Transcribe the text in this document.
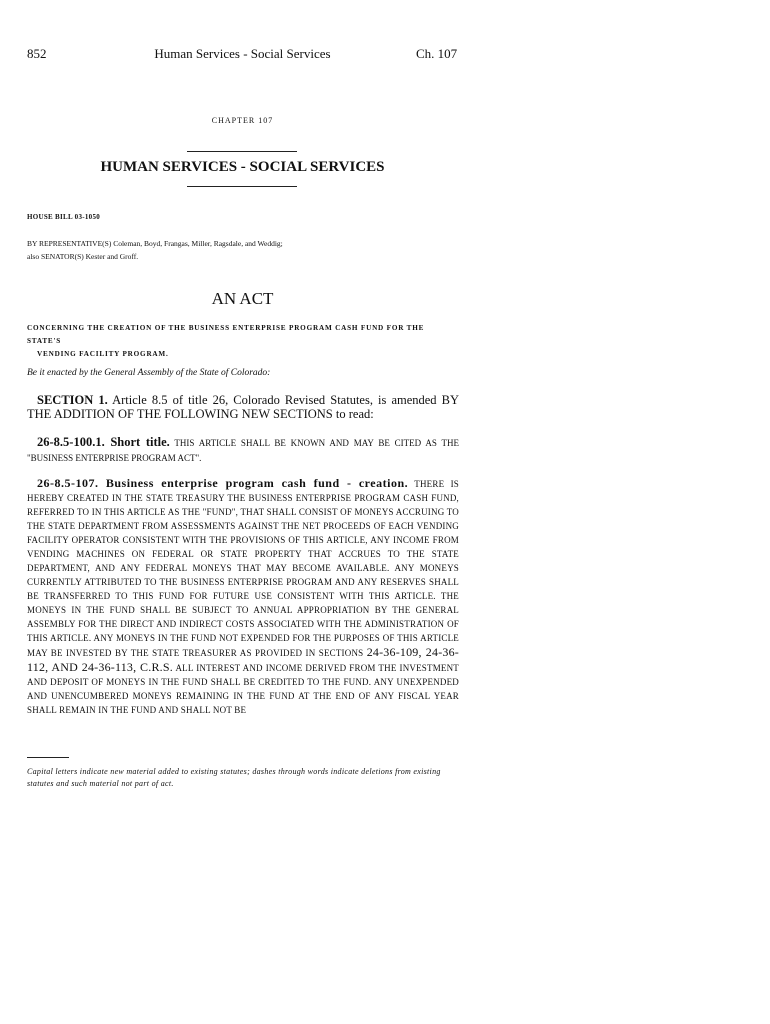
852	Human Services - Social Services	Ch. 107
CHAPTER 107
HUMAN SERVICES - SOCIAL SERVICES
HOUSE BILL 03-1050
BY REPRESENTATIVE(S) Coleman, Boyd, Frangas, Miller, Ragsdale, and Weddig;
also SENATOR(S) Kester and Groff.
AN ACT
CONCERNING THE CREATION OF THE BUSINESS ENTERPRISE PROGRAM CASH FUND FOR THE STATE'S
VENDING FACILITY PROGRAM.
Be it enacted by the General Assembly of the State of Colorado:
SECTION 1. Article 8.5 of title 26, Colorado Revised Statutes, is amended BY THE ADDITION OF THE FOLLOWING NEW SECTIONS to read:
26-8.5-100.1. Short title. THIS ARTICLE SHALL BE KNOWN AND MAY BE CITED AS THE "BUSINESS ENTERPRISE PROGRAM ACT".
26-8.5-107. Business enterprise program cash fund - creation. THERE IS HEREBY CREATED IN THE STATE TREASURY THE BUSINESS ENTERPRISE PROGRAM CASH FUND, REFERRED TO IN THIS ARTICLE AS THE "FUND", THAT SHALL CONSIST OF MONEYS ACCRUING TO THE STATE DEPARTMENT FROM ASSESSMENTS AGAINST THE NET PROCEEDS OF EACH VENDING FACILITY OPERATOR CONSISTENT WITH THE PROVISIONS OF THIS ARTICLE, ANY INCOME FROM VENDING MACHINES ON FEDERAL OR STATE PROPERTY THAT ACCRUES TO THE STATE DEPARTMENT, AND ANY FEDERAL MONEYS THAT MAY BECOME AVAILABLE. ANY MONEYS CURRENTLY ATTRIBUTED TO THE BUSINESS ENTERPRISE PROGRAM AND ANY RESERVES SHALL BE TRANSFERRED TO THIS FUND FOR FUTURE USE CONSISTENT WITH THIS ARTICLE. THE MONEYS IN THE FUND SHALL BE SUBJECT TO ANNUAL APPROPRIATION BY THE GENERAL ASSEMBLY FOR THE DIRECT AND INDIRECT COSTS ASSOCIATED WITH THE ADMINISTRATION OF THIS ARTICLE. ANY MONEYS IN THE FUND NOT EXPENDED FOR THE PURPOSES OF THIS ARTICLE MAY BE INVESTED BY THE STATE TREASURER AS PROVIDED IN SECTIONS 24-36-109, 24-36-112, AND 24-36-113, C.R.S. ALL INTEREST AND INCOME DERIVED FROM THE INVESTMENT AND DEPOSIT OF MONEYS IN THE FUND SHALL BE CREDITED TO THE FUND. ANY UNEXPENDED AND UNENCUMBERED MONEYS REMAINING IN THE FUND AT THE END OF ANY FISCAL YEAR SHALL REMAIN IN THE FUND AND SHALL NOT BE
Capital letters indicate new material added to existing statutes; dashes through words indicate deletions from existing statutes and such material not part of act.
